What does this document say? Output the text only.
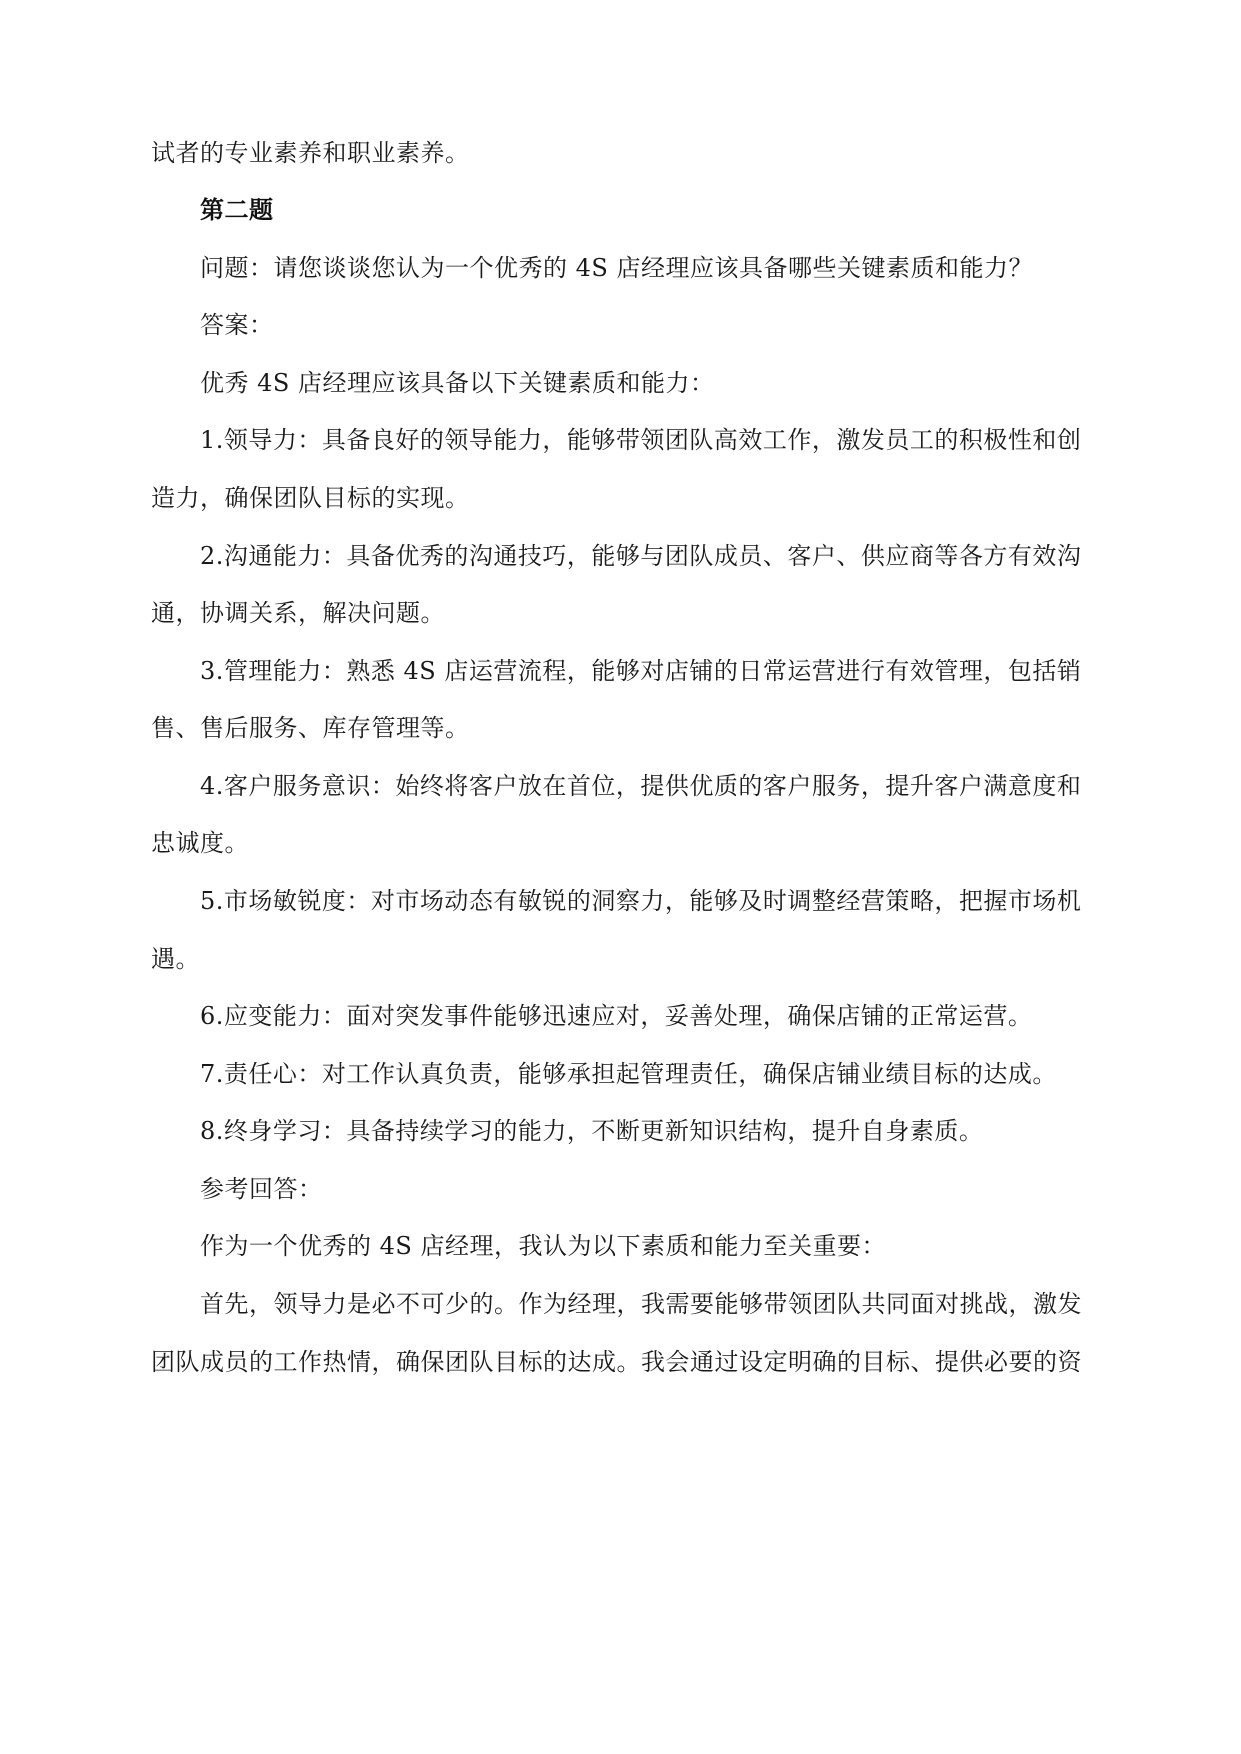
试者的专业素养和职业素养。

第二题

问题：请您谈谈您认为一个优秀的 4S 店经理应该具备哪些关键素质和能力？

答案：

优秀 4S 店经理应该具备以下关键素质和能力：

1.领导力：具备良好的领导能力，能够带领团队高效工作，激发员工的积极性和创

造力，确保团队目标的实现。

2.沟通能力：具备优秀的沟通技巧，能够与团队成员、客户、供应商等各方有效沟

通，协调关系，解决问题。

3.管理能力：熟悉 4S 店运营流程，能够对店铺的日常运营进行有效管理，包括销

售、售后服务、库存管理等。

4.客户服务意识：始终将客户放在首位，提供优质的客户服务，提升客户满意度和

忠诚度。

5.市场敏锐度：对市场动态有敏锐的洞察力，能够及时调整经营策略，把握市场机

遇。

6.应变能力：面对突发事件能够迅速应对，妥善处理，确保店铺的正常运营。

7.责任心：对工作认真负责，能够承担起管理责任，确保店铺业绩目标的达成。

8.终身学习：具备持续学习的能力，不断更新知识结构，提升自身素质。

参考回答：

作为一个优秀的 4S 店经理，我认为以下素质和能力至关重要：

首先，领导力是必不可少的。作为经理，我需要能够带领团队共同面对挑战，激发

团队成员的工作热情，确保团队目标的达成。我会通过设定明确的目标、提供必要的资
